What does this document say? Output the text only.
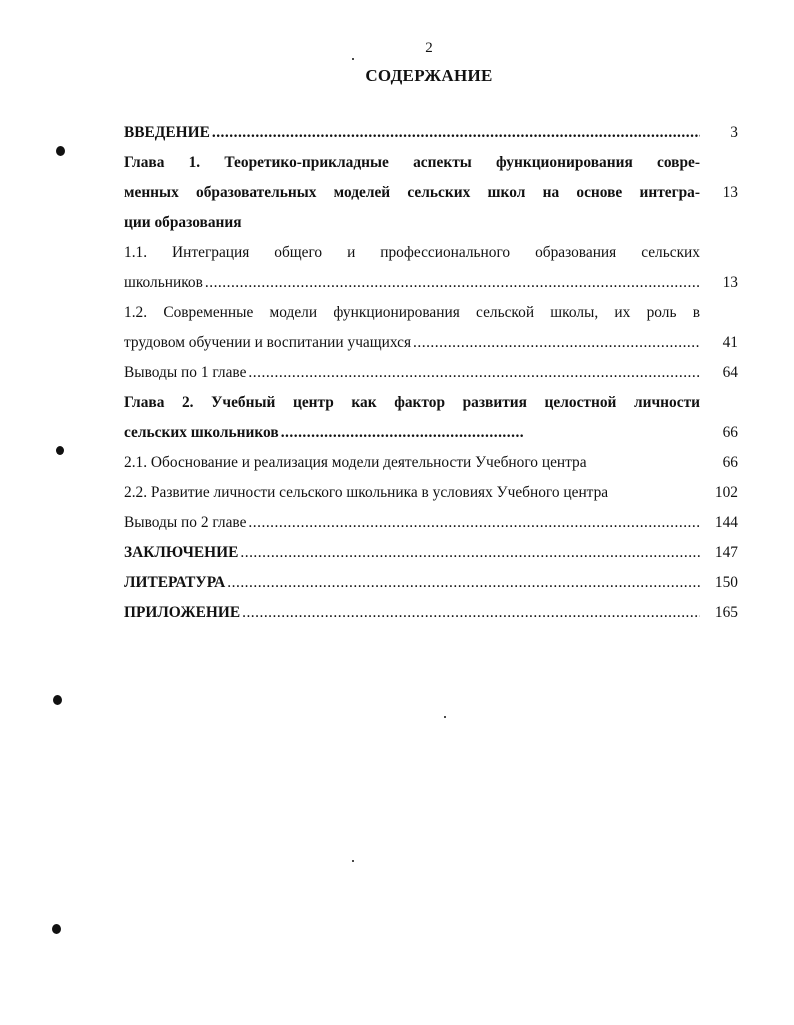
2
СОДЕРЖАНИЕ
ВВЕДЕНИЕ .....	3
Глава 1. Теоретико-прикладные аспекты функционирования совре-
менных образовательных моделей сельских школ на основе интегра-	13
ции образования
1.1. Интеграция общего и профессионального образования сельских
школьников .....	13
1.2. Современные модели функционирования сельской школы, их роль в
трудовом обучении и воспитании учащихся .....	41
Выводы по 1 главе .....	64
Глава 2. Учебный центр как фактор развития целостной личности
сельских школьников .....	66
2.1. Обоснование и реализация модели деятельности Учебного центра	66
2.2. Развитие личности сельского школьника в условиях Учебного центра	102
Выводы по 2 главе .....	144
ЗАКЛЮЧЕНИЕ .....	147
ЛИТЕРАТУРА .....	150
ПРИЛОЖЕНИЕ .....	165
